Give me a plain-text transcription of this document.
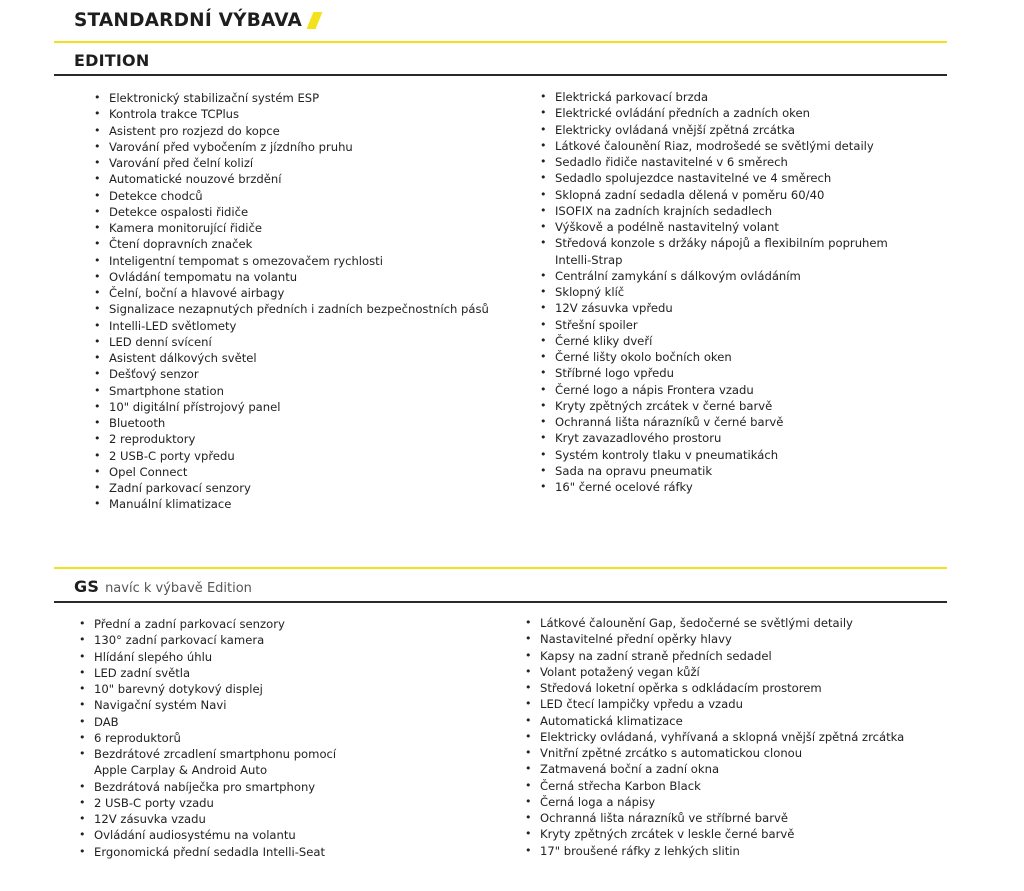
STANDARDNÍ VÝBAVA
EDITION
• Elektronický stabilizační systém ESP
• Kontrola trakce TCPlus
• Asistent pro rozjezd do kopce
• Varování před vybočením z jízdního pruhu
• Varování před čelní kolizí
• Automatické nouzové brzdění
• Detekce chodců
• Detekce ospalosti řidiče
• Kamera monitorující řidiče
• Čtení dopravních značek
• Inteligentní tempomat s omezovačem rychlosti
• Ovládání tempomatu na volantu
• Čelní, boční a hlavové airbagy
• Signalizace nezapnutých předních i zadních bezpečnostních pásů
• Intelli-LED světlomety
• LED denní svícení
• Asistent dálkových světel
• Dešťový senzor
• Smartphone station
• 10" digitální přístrojový panel
• Bluetooth
• 2 reproduktory
• 2 USB-C porty vpředu
• Opel Connect
• Zadní parkovací senzory
• Manuální klimatizace
• Elektrická parkovací brzda
• Elektrické ovládání předních a zadních oken
• Elektricky ovládaná vnější zpětná zrcátka
• Látkové čalounění Riaz, modrošedé se světlými detaily
• Sedadlo řidiče nastavitelné v 6 směrech
• Sedadlo spolujezdce nastavitelné ve 4 směrech
• Sklopná zadní sedadla dělená v poměru 60/40
• ISOFIX na zadních krajních sedadlech
• Výškově a podélně nastavitelný volant
• Středová konzole s držáky nápojů a flexibilním popruhem
Intelli-Strap
• Centrální zamykání s dálkovým ovládáním
• Sklopný klíč
• 12V zásuvka vpředu
• Střešní spoiler
• Černé kliky dveří
• Černé lišty okolo bočních oken
• Stříbrné logo vpředu
• Černé logo a nápis Frontera vzadu
• Kryty zpětných zrcátek v černé barvě
• Ochranná lišta nárazníků v černé barvě
• Kryt zavazadlového prostoru
• Systém kontroly tlaku v pneumatikách
• Sada na opravu pneumatik
• 16" černé ocelové ráfky
GS navíc k výbavě Edition
• Přední a zadní parkovací senzory
• 130° zadní parkovací kamera
• Hlídání slepého úhlu
• LED zadní světla
• 10" barevný dotykový displej
• Navigační systém Navi
• DAB
• 6 reproduktorů
• Bezdrátové zrcadlení smartphonu pomocí
Apple Carplay & Android Auto
• Bezdrátová nabíječka pro smartphony
• 2 USB-C porty vzadu
• 12V zásuvka vzadu
• Ovládání audiosystému na volantu
• Ergonomická přední sedadla Intelli-Seat
• Látkové čalounění Gap, šedočerné se světlými detaily
• Nastavitelné přední opěrky hlavy
• Kapsy na zadní straně předních sedadel
• Volant potažený vegan kůží
• Středová loketní opěrka s odkládacím prostorem
• LED čtecí lampičky vpředu a vzadu
• Automatická klimatizace
• Elektricky ovládaná, vyhřívaná a sklopná vnější zpětná zrcátka
• Vnitřní zpětné zrcátko s automatickou clonou
• Zatmavená boční a zadní okna
• Černá střecha Karbon Black
• Černá loga a nápisy
• Ochranná lišta nárazníků ve stříbrné barvě
• Kryty zpětných zrcátek v leskle černé barvě
• 17" broušené ráfky z lehkých slitin
